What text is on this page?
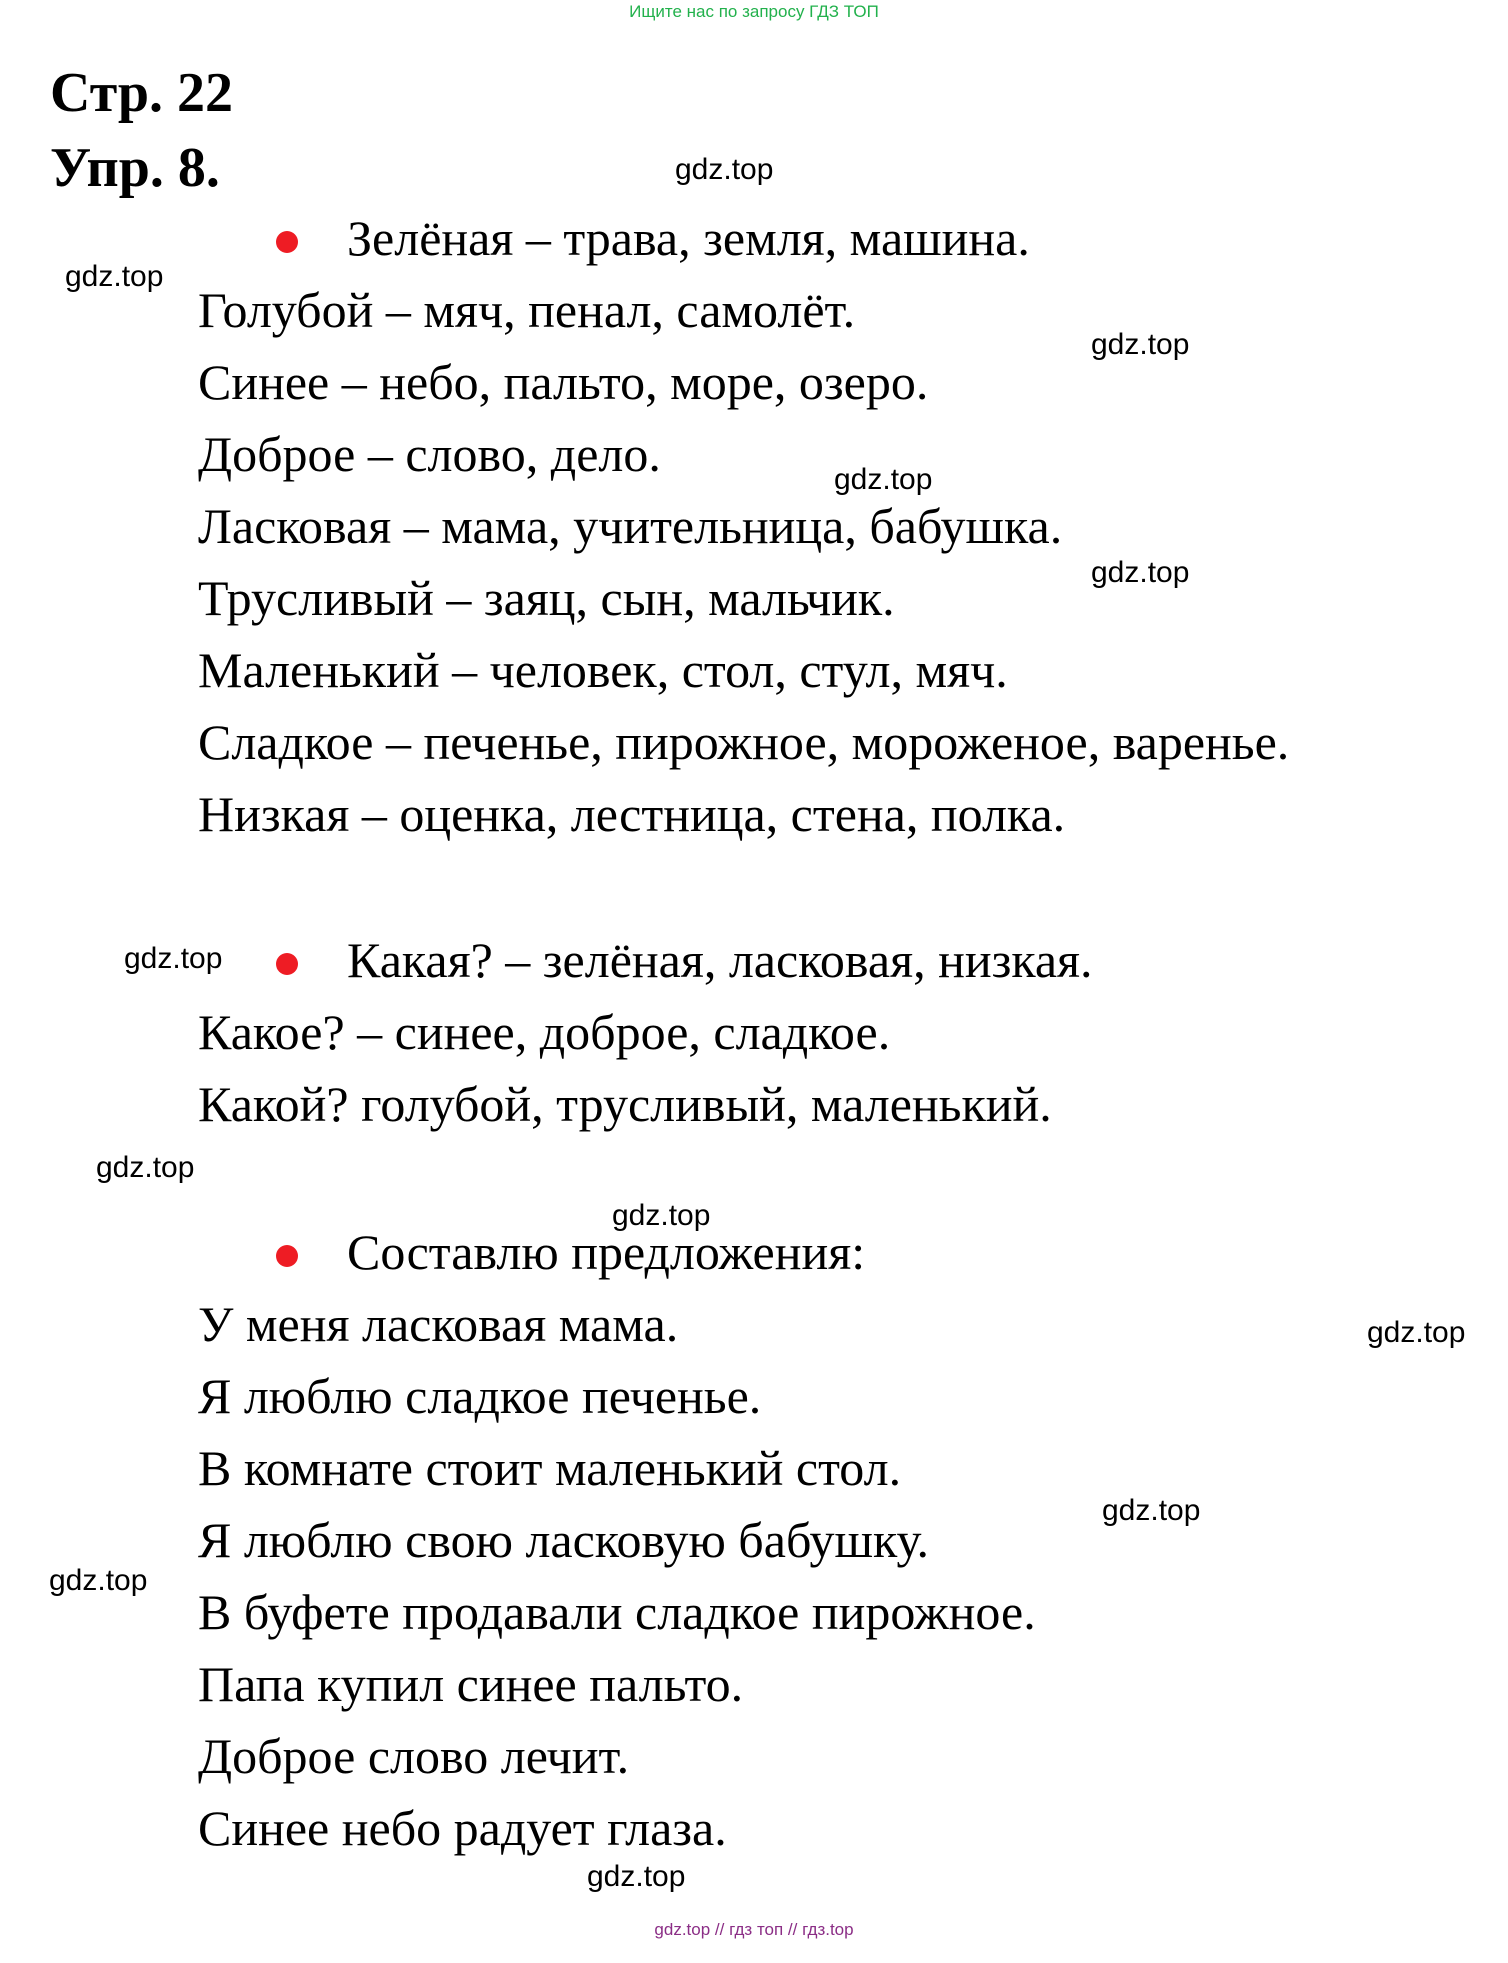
Ищите нас по запросу ГДЗ ТОП
Стр. 22
Упр. 8.
Зелёная – трава, земля, машина.
Голубой – мяч, пенал, самолёт.
Синее – небо, пальто, море, озеро.
Доброе – слово, дело.
Ласковая – мама, учительница, бабушка.
Трусливый – заяц, сын, мальчик.
Маленький – человек, стол, стул, мяч.
Сладкое – печенье, пирожное, мороженое, варенье.
Низкая – оценка, лестница, стена, полка.
Какая? – зелёная, ласковая, низкая.
Какое? – синее, доброе, сладкое.
Какой? голубой, трусливый, маленький.
Составлю предложения:
У меня ласковая мама.
Я люблю сладкое печенье.
В комнате стоит маленький стол.
Я люблю свою ласковую бабушку.
В буфете продавали сладкое пирожное.
Папа купил синее пальто.
Доброе слово лечит.
Синее небо радует глаза.
gdz.top
gdz.top
gdz.top
gdz.top
gdz.top
gdz.top
gdz.top
gdz.top
gdz.top
gdz.top
gdz.top
gdz.top
gdz.top // гдз топ // гдз.top
